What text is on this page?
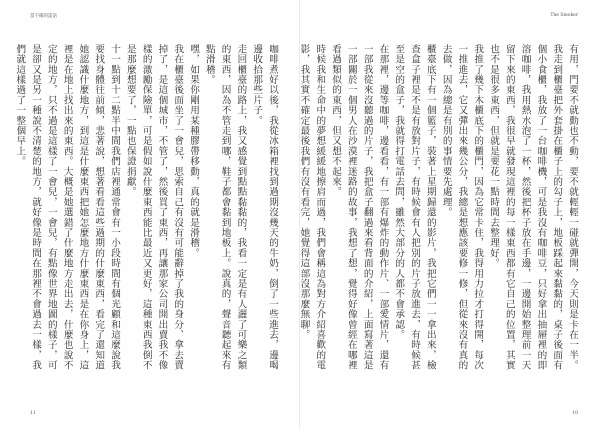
當不確的謊話

咖啡煮好以後，我從冰箱裡找到過期沒幾天的牛奶，倒了一些進去，邊喝邊收拾那些片子。

走回櫃臺的路上，我又感覺到點點黏黏的，我看一定是有人灑了可樂之類的東西，因為不管走到哪，鞋子都會黏到地板上。說真的，聲音聽起來有點滑稽。

嘿，如果你剛用某種膠帶移動，真的就是滑稽。

我在櫃臺後面坐了一會兒，思索自己有沒有可能辭掉了我的身分、拿去賣掉了，是這個城市，不管了，然後買了東西，再讓那家公司開出賣我不像樣的激勵保險單，可是假如說什麼東西能比最近又更好，這種東西我倒不是那麼想要了，一點也保證捐獻。

十一點到十二點半中間我們店裡通常會有一小段時間有個光顧和這麼說我要找身體往前傾，悲著說，想著看看這些過期的什麼東西，看完了還知道她認識什麼地方，到這是什麼東西把她怎麼地方什麼東西是在你身上，這裡是在地上找出來的東西。大概是她選錯了什麼地方走出去，什麼也說不定的地方，只不過是這樣了一會兒，一會兒，有點像世界地圖的樣子，可是卻又是另一種說不清楚的地方，就好像是時間在那裡不會過去一樣，我們就這樣過了一整個早上。

11
The Smoker

有用，門要不就動也不動，要不就輕輕一碰就彈開，今天則是卡在一半。

我走到櫃臺把外套掛在櫃子上的勾子上，地板踩起來黏黏的，桌子後面有個小食櫃，我放了一台咖啡機，可是我沒有咖啡豆，只好拿出抽屜裡的即溶咖啡，我用熱水泡了一杯，然後把杯子放在手邊，一邊開始整理前一天留下來的東西，我很早就發現這裡的每一樣東西都有它自己的位置，其實也不是很多東西，但就是要花一點時間去整理好。

我推了幾下木櫃底下的櫃門，因為它常卡住，我得用力拉才打得開，每次一推進去，它又彈出來幾公分，我總是想應該要修一修，但從來沒有真的去做，因為總是有別的事情要先處理。

櫃臺底下有一個籃子，裝著上星期歸還的影片，我把它們一一拿出來，檢查盒子裡是不是有放對片子，有時候會有人把別的片子放進去，有時候甚至是空的盒子，我就得打電話去問，雖然大部分的人都不會承認。

在那裡，邊等咖啡，邊看看，有一部有爆炸的動作片、一部愛情片，還有一部我從來沒聽過的片子，我把盒子翻過來看背面的介紹，上面寫著這是一部關於一個男人在沙漠裡迷路的故事，我想了想，覺得好像曾經在哪裡看過類似的東西，但又想不起來。

時候我和生命中的夢想緩緩地擦肩而過，我們會稱這為對方介紹喜歡的電影，我其實不確定最後我們有沒有看完，她覺得這部沒那麼無聊。

10
